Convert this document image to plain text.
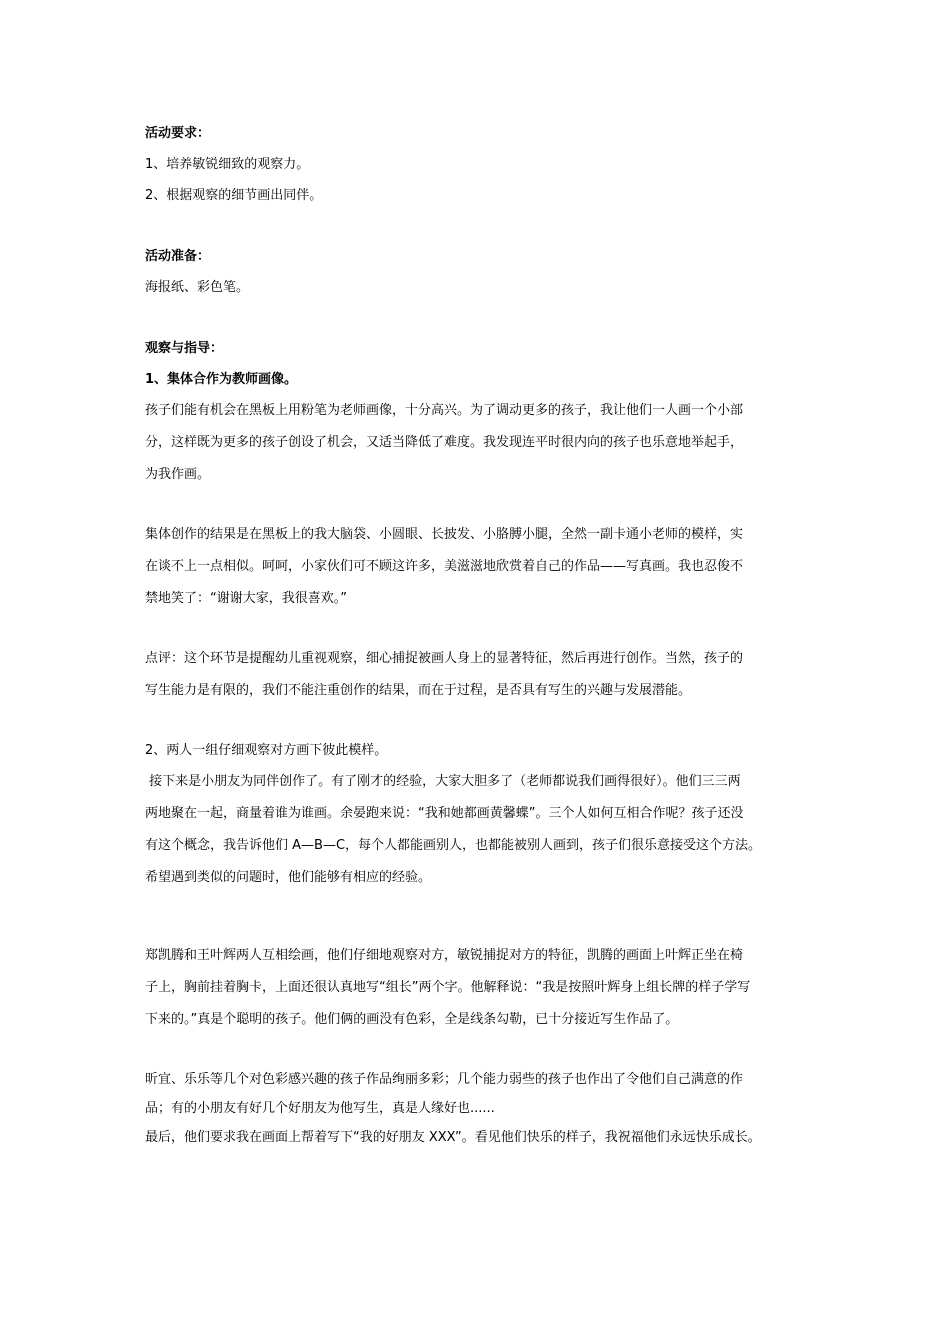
活动要求：

1、培养敏锐细致的观察力。

2、根据观察的细节画出同伴。

活动准备：

海报纸、彩色笔。

观察与指导：

1、集体合作为教师画像。

孩子们能有机会在黑板上用粉笔为老师画像，十分高兴。为了调动更多的孩子，我让他们一人画一个小部

分，这样既为更多的孩子创设了机会，又适当降低了难度。我发现连平时很内向的孩子也乐意地举起手，

为我作画。

集体创作的结果是在黑板上的我大脑袋、小圆眼、长披发、小胳膊小腿，全然一副卡通小老师的模样，实

在谈不上一点相似。呵呵，小家伙们可不顾这许多，美滋滋地欣赏着自己的作品——写真画。我也忍俊不

禁地笑了：“谢谢大家，我很喜欢。”

点评：这个环节是提醒幼儿重视观察，细心捕捉被画人身上的显著特征，然后再进行创作。当然，孩子的

写生能力是有限的，我们不能注重创作的结果，而在于过程，是否具有写生的兴趣与发展潜能。

2、两人一组仔细观察对方画下彼此模样。

接下来是小朋友为同伴创作了。有了刚才的经验，大家大胆多了（老师都说我们画得很好）。他们三三两

两地聚在一起，商量着谁为谁画。余晏跑来说：“我和她都画黄馨蝶”。三个人如何互相合作呢？孩子还没

有这个概念，我告诉他们 A—B—C，每个人都能画别人，也都能被别人画到，孩子们很乐意接受这个方法。

希望遇到类似的问题时，他们能够有相应的经验。

郑凯腾和王叶辉两人互相绘画，他们仔细地观察对方，敏锐捕捉对方的特征，凯腾的画面上叶辉正坐在椅

子上，胸前挂着胸卡，上面还很认真地写“组长”两个字。他解释说：“我是按照叶辉身上组长牌的样子学写

下来的。”真是个聪明的孩子。他们俩的画没有色彩，全是线条勾勒，已十分接近写生作品了。

昕宜、乐乐等几个对色彩感兴趣的孩子作品绚丽多彩；几个能力弱些的孩子也作出了令他们自己满意的作

品；有的小朋友有好几个好朋友为他写生，真是人缘好也......

最后，他们要求我在画面上帮着写下“我的好朋友 XXX”。看见他们快乐的样子，我祝福他们永远快乐成长。
